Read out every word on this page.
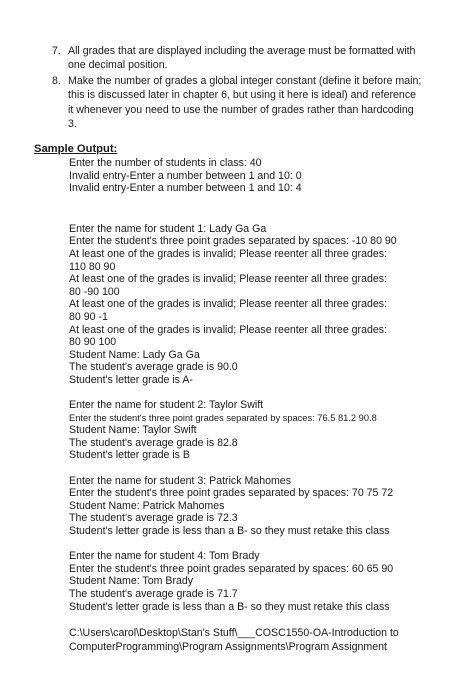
7. All grades that are displayed including the average must be formatted with one decimal position.
8. Make the number of grades a global integer constant (define it before main; this is discussed later in chapter 6, but using it here is ideal) and reference it whenever you need to use the number of grades rather than hardcoding 3.
Sample Output:
Enter the number of students in class: 40
Invalid entry-Enter a number between 1 and 10: 0
Invalid entry-Enter a number between 1 and 10: 4
Enter the name for student 1: Lady Ga Ga
Enter the student's three point grades separated by spaces: -10 80 90
At least one of the grades is invalid; Please reenter all three grades:
110 80 90
At least one of the grades is invalid; Please reenter all three grades:
80 -90 100
At least one of the grades is invalid; Please reenter all three grades:
80 90 -1
At least one of the grades is invalid; Please reenter all three grades:
80 90 100
Student Name: Lady Ga Ga
The student's average grade is 90.0
Student's letter grade is A-
Enter the name for student 2: Taylor Swift
Enter the student's three point grades separated by spaces: 76.5 81.2 90.8
Student Name: Taylor Swift
The student's average grade is 82.8
Student's letter grade is B
Enter the name for student 3: Patrick Mahomes
Enter the student's three point grades separated by spaces: 70 75 72
Student Name: Patrick Mahomes
The student's average grade is 72.3
Student's letter grade is less than a B- so they must retake this class
Enter the name for student 4: Tom Brady
Enter the student's three point grades separated by spaces: 60 65 90
Student Name: Tom Brady
The student's average grade is 71.7
Student's letter grade is less than a B- so they must retake this class
C:\Users\carol\Desktop\Stan's Stuff\___COSC1550-OA-Introduction to ComputerProgramming\Program Assignments\Program Assignment
